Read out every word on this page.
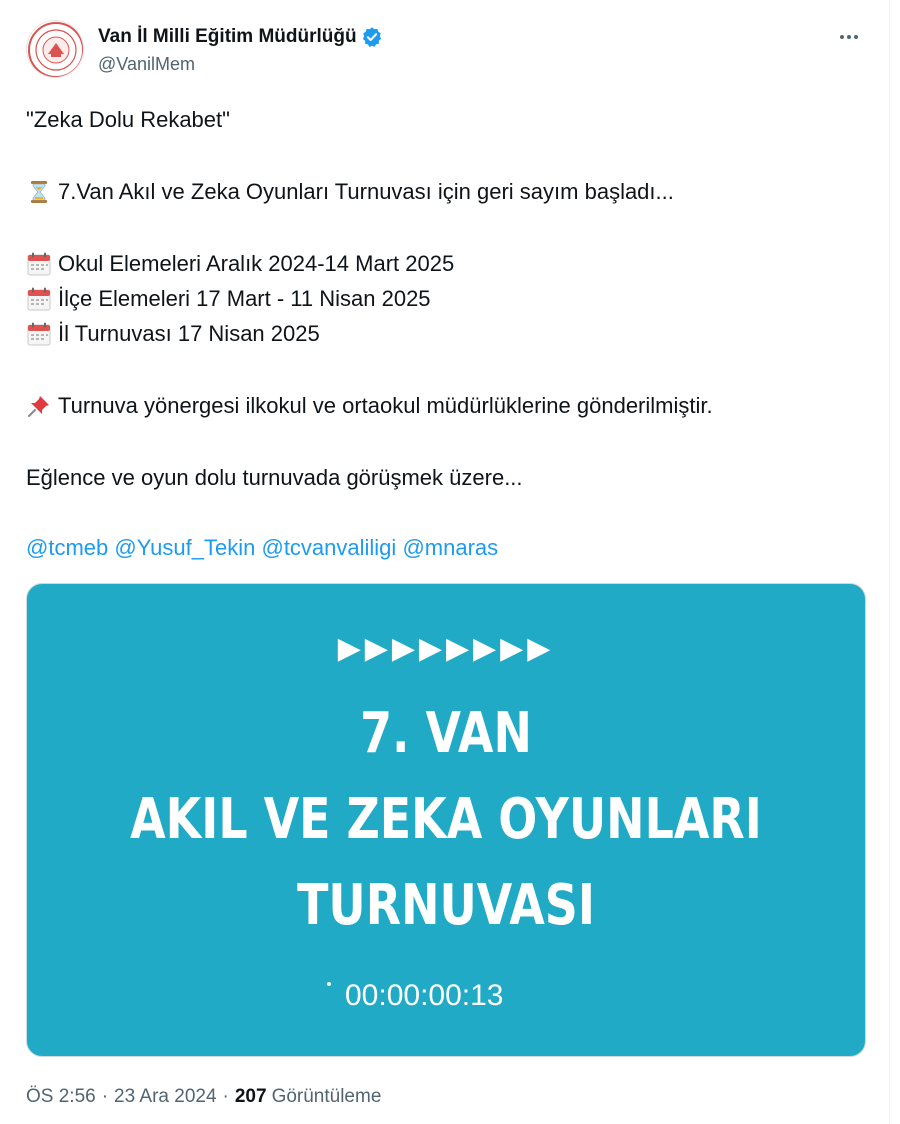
Van İl Milli Eğitim Müdürlüğü
@VanilMem
"Zeka Dolu Rekabet"
7.Van Akıl ve Zeka Oyunları Turnuvası için geri sayım başladı...
Okul Elemeleri Aralık 2024-14 Mart 2025
İlçe Elemeleri 17 Mart - 11 Nisan 2025
İl Turnuvası 17 Nisan 2025
Turnuva yönergesi ilkokul ve ortaokul müdürlüklerine gönderilmiştir.
Eğlence ve oyun dolu turnuvada görüşmek üzere...
@tcmeb @Yusuf_Tekin @tcvanvaliligi @mnaras
▶▶▶▶▶▶▶▶
7. VAN
AKIL VE ZEKA OYUNLARI
TURNUVASI
00:00:00:13
ÖS 2:56 · 23 Ara 2024 · 207 Görüntüleme
